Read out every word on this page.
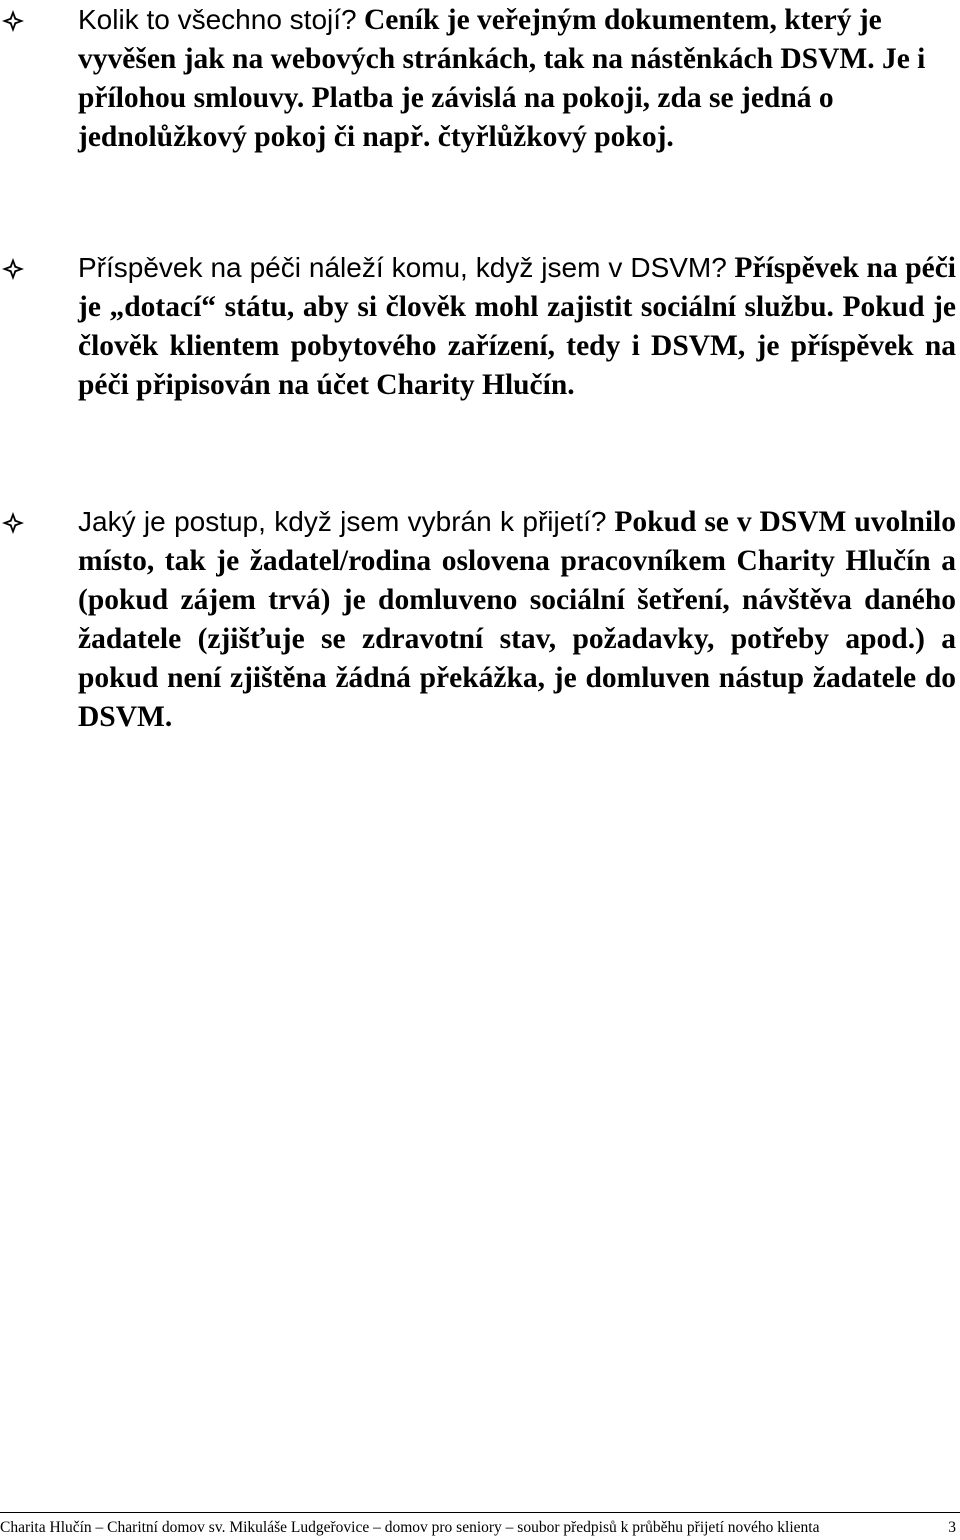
Kolik to všechno stojí? Ceník je veřejným dokumentem, který je vyvěšen jak na webových stránkách, tak na nástěnkách DSVM. Je i přílohou smlouvy. Platba je závislá na pokoji, zda se jedná o jednolůžkový pokoj či např. čtyřlůžkový pokoj.

Příspěvek na péči náleží komu, když jsem v DSVM? Příspěvek na péči je „dotací“ státu, aby si člověk mohl zajistit sociální službu. Pokud je člověk klientem pobytového zařízení, tedy i DSVM, je příspěvek na péči připisován na účet Charity Hlučín.

Jaký je postup, když jsem vybrán k přijetí? Pokud se v DSVM uvolnilo místo, tak je žadatel/rodina oslovena pracovníkem Charity Hlučín a (pokud zájem trvá) je domluveno sociální šetření, návštěva daného žadatele (zjišťuje se zdravotní stav, požadavky, potřeby apod.) a pokud není zjištěna žádná překážka, je domluven nástup žadatele do DSVM.

Charita Hlučín – Charitní domov sv. Mikuláše Ludgeřovice – domov pro seniory – soubor předpisů k průběhu přijetí nového klienta	3
